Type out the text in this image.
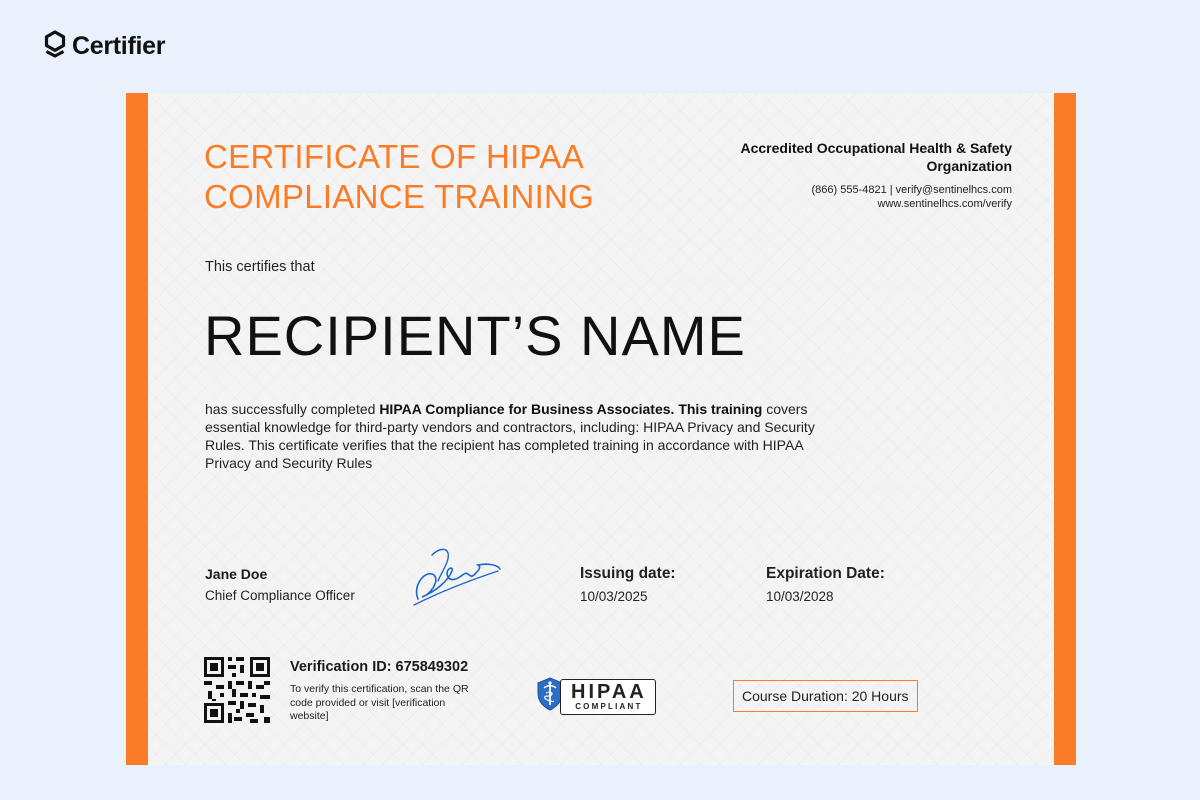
Certifier
CERTIFICATE OF HIPAA COMPLIANCE TRAINING
Accredited Occupational Health & Safety Organization
(866) 555-4821 | verify@sentinelhcs.com
www.sentinelhcs.com/verify
This certifies that
RECIPIENT’S NAME
has successfully completed HIPAA Compliance for Business Associates. This training covers essential knowledge for third-party vendors and contractors, including: HIPAA Privacy and Security Rules. This certificate verifies that the recipient has completed training in accordance with HIPAA Privacy and Security Rules
Jane Doe
Chief Compliance Officer
Issuing date:
10/03/2025
Expiration Date:
10/03/2028
Verification ID: 675849302
To verify this certification, scan the QR code provided or visit [verification website]
HIPAA
COMPLIANT
Course Duration: 20 Hours
